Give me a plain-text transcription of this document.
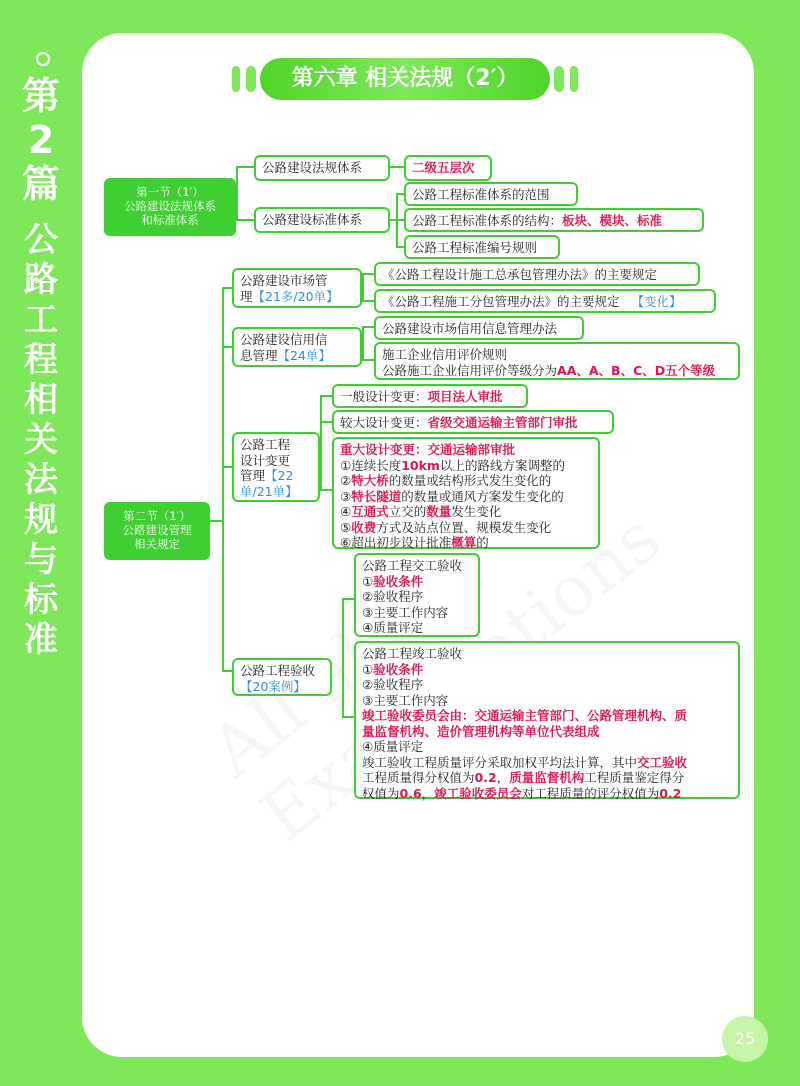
第2篇
公路工程相关法规与标准
第六章 相关法规（2′）
第一节（1′）
公路建设法规体系
和标准体系
公路建设法规体系	二级五层次
公路建设标准体系
公路工程标准体系的范围
公路工程标准体系的结构：板块、模块、标准
公路工程标准编号规则
第二节（1′）
公路建设管理
相关规定
公路建设市场管
理【21多/20单】
《公路工程设计施工总承包管理办法》的主要规定
《公路工程施工分包管理办法》的主要规定 【变化】
公路建设信用信
息管理【24单】
公路建设市场信用信息管理办法
施工企业信用评价规则
公路施工企业信用评价等级分为AA、A、B、C、D五个等级
公路工程
设计变更
管理【22
单/21单】
一般设计变更：项目法人审批
较大设计变更：省级交通运输主管部门审批
重大设计变更：交通运输部审批
①连续长度10km以上的路线方案调整的
②特大桥的数量或结构形式发生变化的
③特长隧道的数量或通风方案发生变化的
④互通式立交的数量发生变化
⑤收费方式及站点位置、规模发生变化
⑥超出初步设计批准概算的
公路工程验收
【20案例】
公路工程交工验收
①验收条件
②验收程序
③主要工作内容
④质量评定
公路工程竣工验收
①验收条件
②验收程序
③主要工作内容
竣工验收委员会由：交通运输主管部门、公路管理机构、质
量监督机构、造价管理机构等单位代表组成
④质量评定
竣工验收工程质量评分采取加权平均法计算，其中交工验收
工程质量得分权值为0.2，质量监督机构工程质量鉴定得分
权值为0.6，竣工验收委员会对工程质量的评分权值为0.2
25
